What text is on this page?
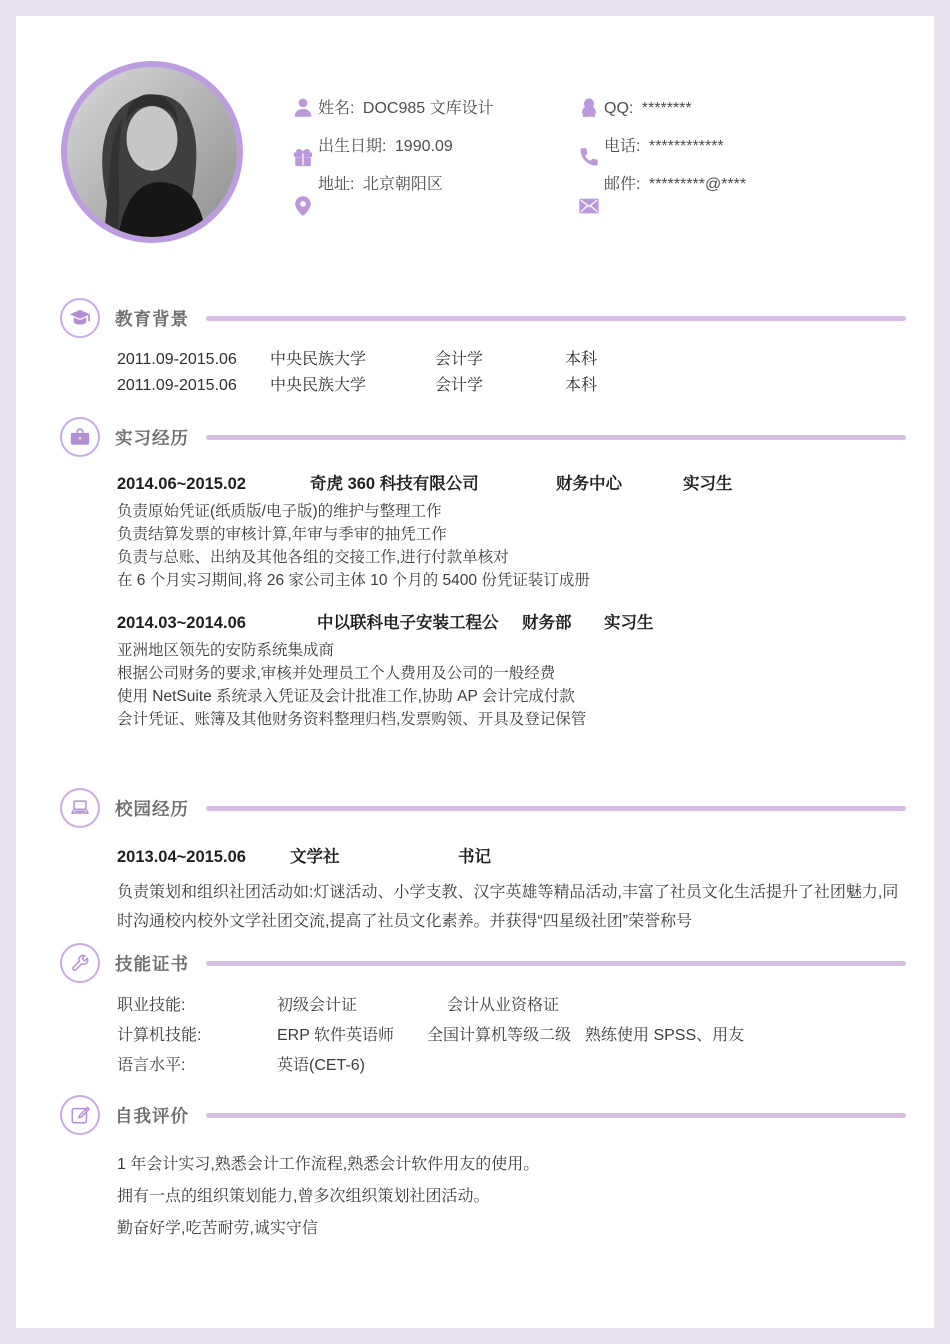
姓名: DOC985 文库设计
出生日期: 1990.09
地址: 北京朝阳区
QQ: ********
电话: ************
邮件: *********@****
教育背景
2011.09-2015.06	中央民族大学	会计学	本科
2011.09-2015.06	中央民族大学	会计学	本科
实习经历
2014.06~2015.02	奇虎 360 科技有限公司	财务中心	实习生
负责原始凭证(纸质版/电子版)的维护与整理工作
负责结算发票的审核计算,年审与季审的抽凭工作
负责与总账、出纳及其他各组的交接工作,进行付款单核对
在 6 个月实习期间,将 26 家公司主体 10 个月的 5400 份凭证装订成册
2014.03~2014.06	中以联科电子安装工程公	财务部	实习生
亚洲地区领先的安防系统集成商
根据公司财务的要求,审核并处理员工个人费用及公司的一般经费
使用 NetSuite 系统录入凭证及会计批准工作,协助 AP 会计完成付款
会计凭证、账簿及其他财务资料整理归档,发票购领、开具及登记保管
校园经历
2013.04~2015.06	文学社	书记
负责策划和组织社团活动如:灯谜活动、小学支教、汉字英雄等精品活动,丰富了社员文化生活提升了社团魅力,同时沟通校内校外文学社团交流,提高了社员文化素养。并获得“四星级社团”荣誉称号
技能证书
职业技能:	初级会计证	会计从业资格证
计算机技能:	ERP 软件英语师	全国计算机等级二级 熟练使用 SPSS、用友
语言水平:	英语(CET-6)
自我评价
1 年会计实习,熟悉会计工作流程,熟悉会计软件用友的使用。
拥有一点的组织策划能力,曾多次组织策划社团活动。
勤奋好学,吃苦耐劳,诚实守信
